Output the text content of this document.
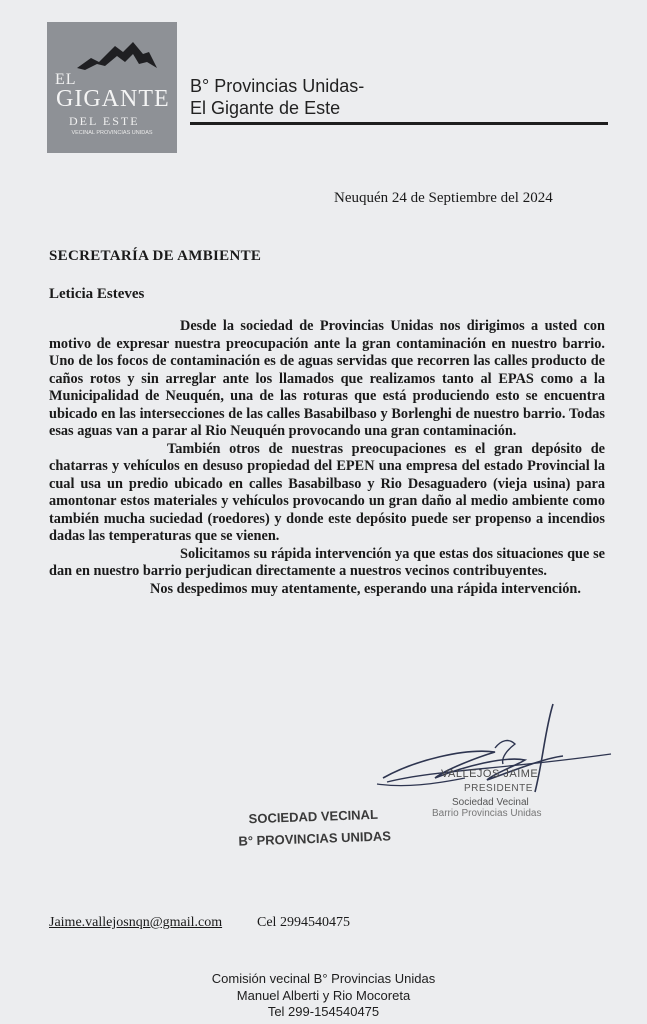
EL
GIGANTE
DEL ESTE
VECINAL PROVINCIAS UNIDAS
B° Provincias Unidas-
El Gigante de Este
Neuquén 24 de Septiembre del 2024
SECRETARÍA DE AMBIENTE
Leticia Esteves

Desde la sociedad de Provincias Unidas nos dirigimos a usted con motivo de expresar nuestra preocupación ante la gran contaminación en nuestro barrio. Uno de los focos de contaminación es de aguas servidas que recorren las calles producto de caños rotos y sin arreglar ante los llamados que realizamos tanto al EPAS como a la Municipalidad de Neuquén, una de las roturas que está produciendo esto se encuentra ubicado en las intersecciones de las calles Basabilbaso y Borlenghi de nuestro barrio. Todas esas aguas van a parar al Rio Neuquén provocando una gran contaminación.

También otros de nuestras preocupaciones es el gran depósito de chatarras y vehículos en desuso propiedad del EPEN una empresa del estado Provincial la cual usa un predio ubicado en calles Basabilbaso y Rio Desaguadero (vieja usina) para amontonar estos materiales y vehículos provocando un gran daño al medio ambiente como también mucha suciedad (roedores) y donde este depósito puede ser propenso a incendios dadas las temperaturas que se vienen.

Solicitamos su rápida intervención ya que estas dos situaciones que se dan en nuestro barrio perjudican directamente a nuestros vecinos contribuyentes.

Nos despedimos muy atentamente, esperando una rápida intervención.

VALLEJOS JAIME
PRESIDENTE
Sociedad Vecinal
Barrio Provincias Unidas
SOCIEDAD VECINAL
B° PROVINCIAS UNIDAS
Jaime.vallejosnqn@gmail.com Cel 2994540475
Comisión vecinal B° Provincias Unidas
Manuel Alberti y Rio Mocoreta
Tel 299-154540475
